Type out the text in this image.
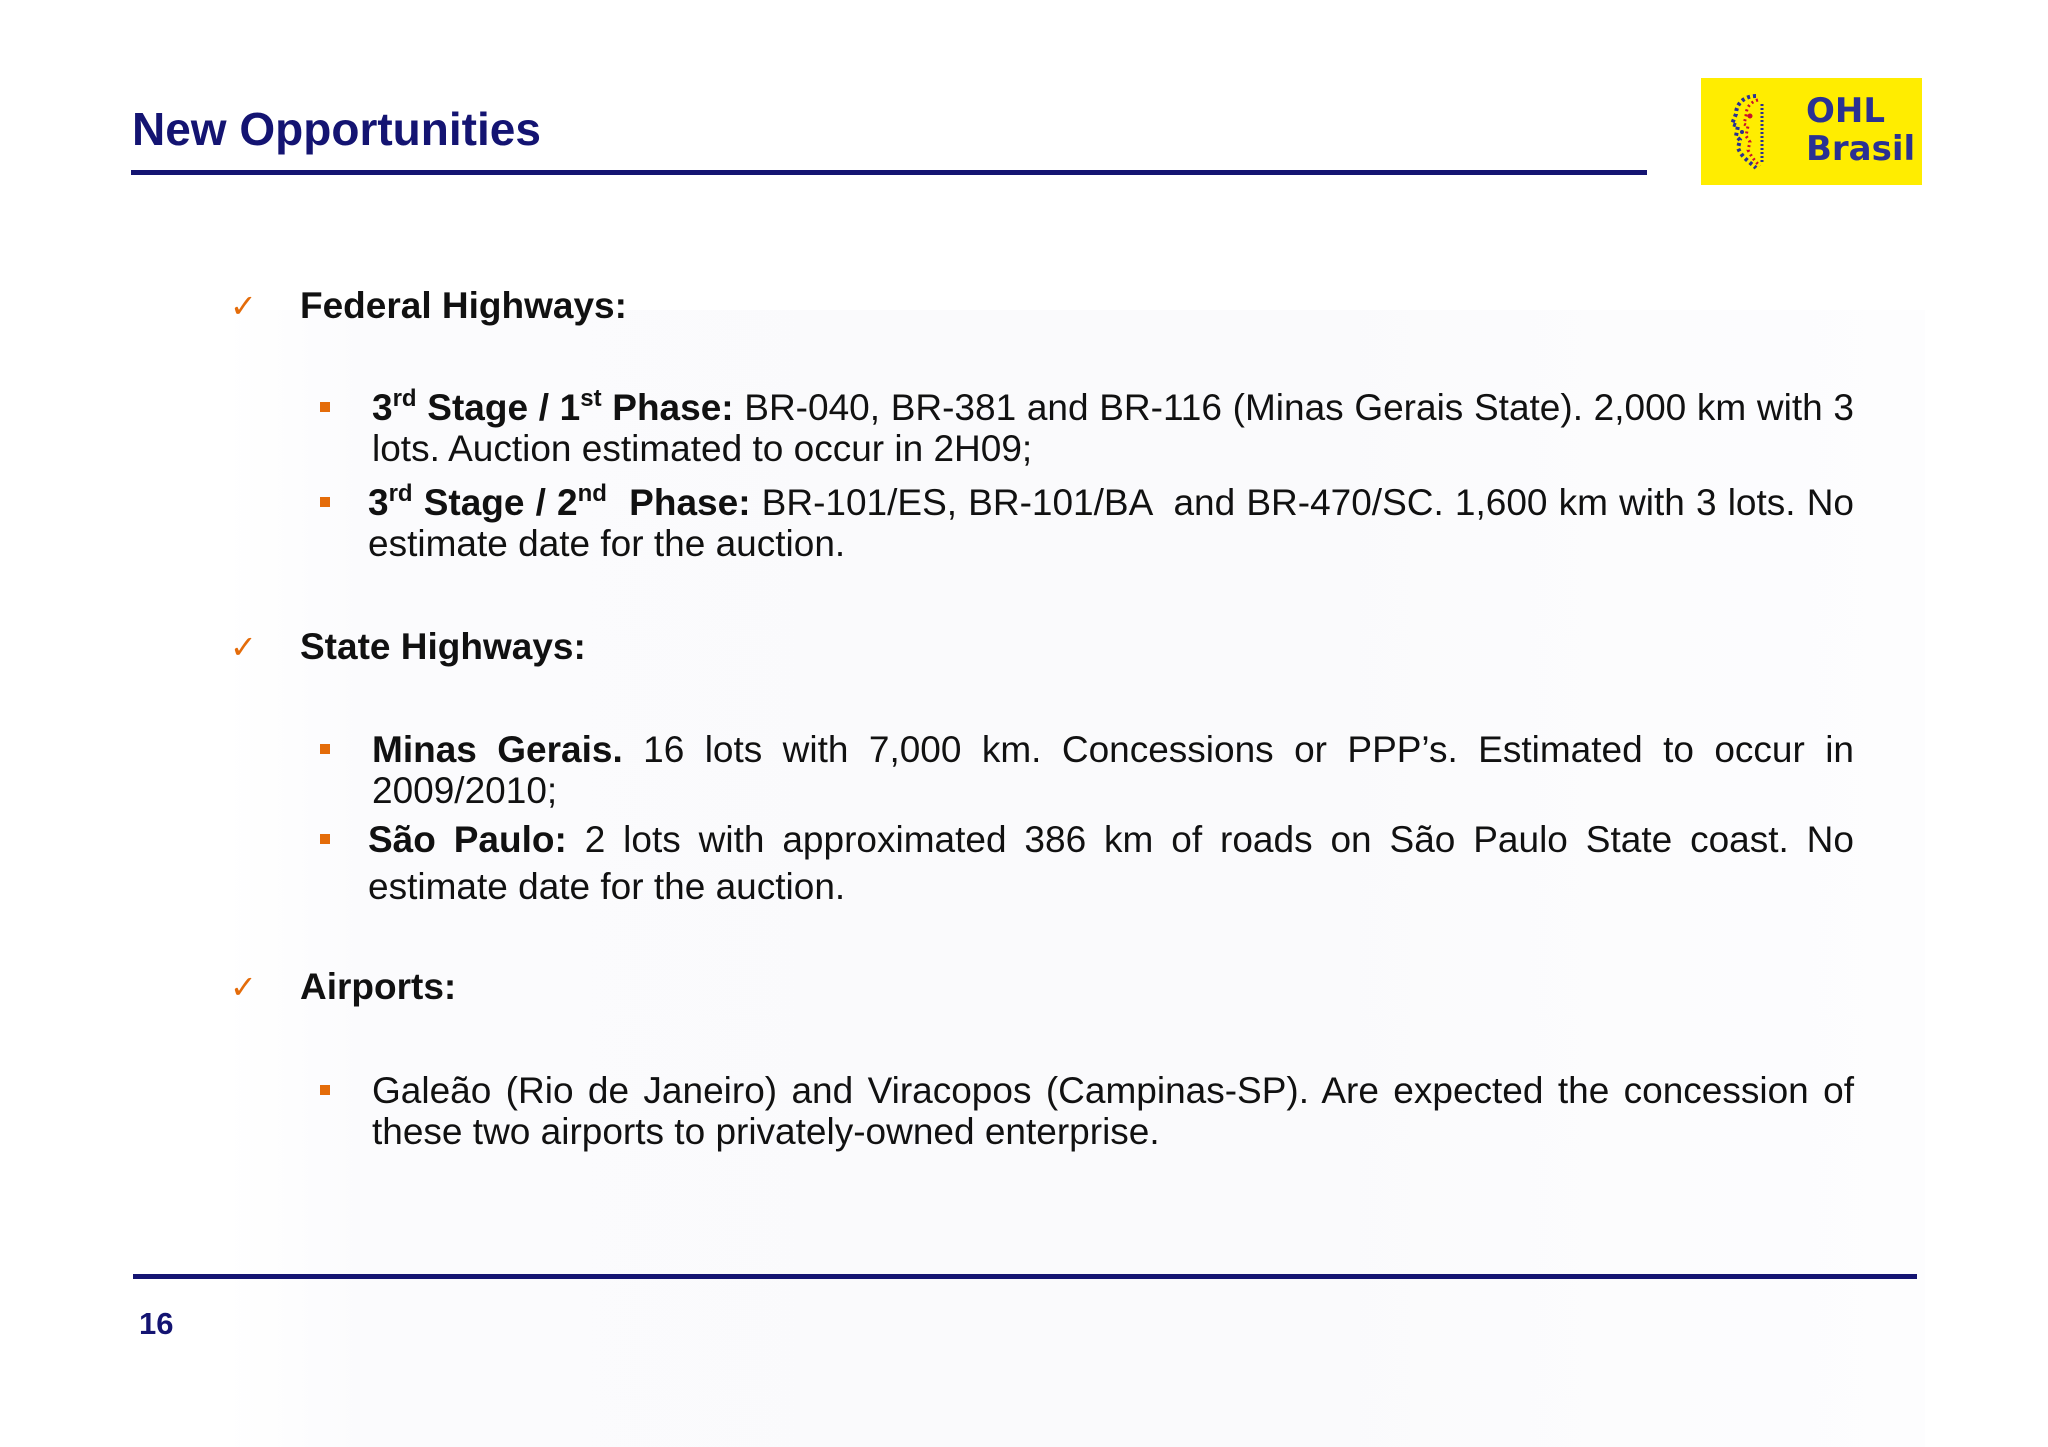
New Opportunities	OHL
Brasil
✓	Federal Highways:
3rd Stage / 1st Phase: BR-040, BR-381 and BR-116 (Minas Gerais State). 2,000 km with 3 lots. Auction estimated to occur in 2H09;
3rd Stage / 2nd  Phase: BR-101/ES, BR-101/BA  and BR-470/SC. 1,600 km with 3 lots. No estimate date for the auction.
✓	State Highways:
Minas Gerais. 16 lots with 7,000 km. Concessions or PPP’s. Estimated to occur in 2009/2010;
São Paulo: 2 lots with approximated 386 km of roads on São Paulo State coast. No estimate date for the auction.
✓	Airports:
Galeão (Rio de Janeiro) and Viracopos (Campinas-SP). Are expected the concession of these two airports to privately-owned enterprise.
16
